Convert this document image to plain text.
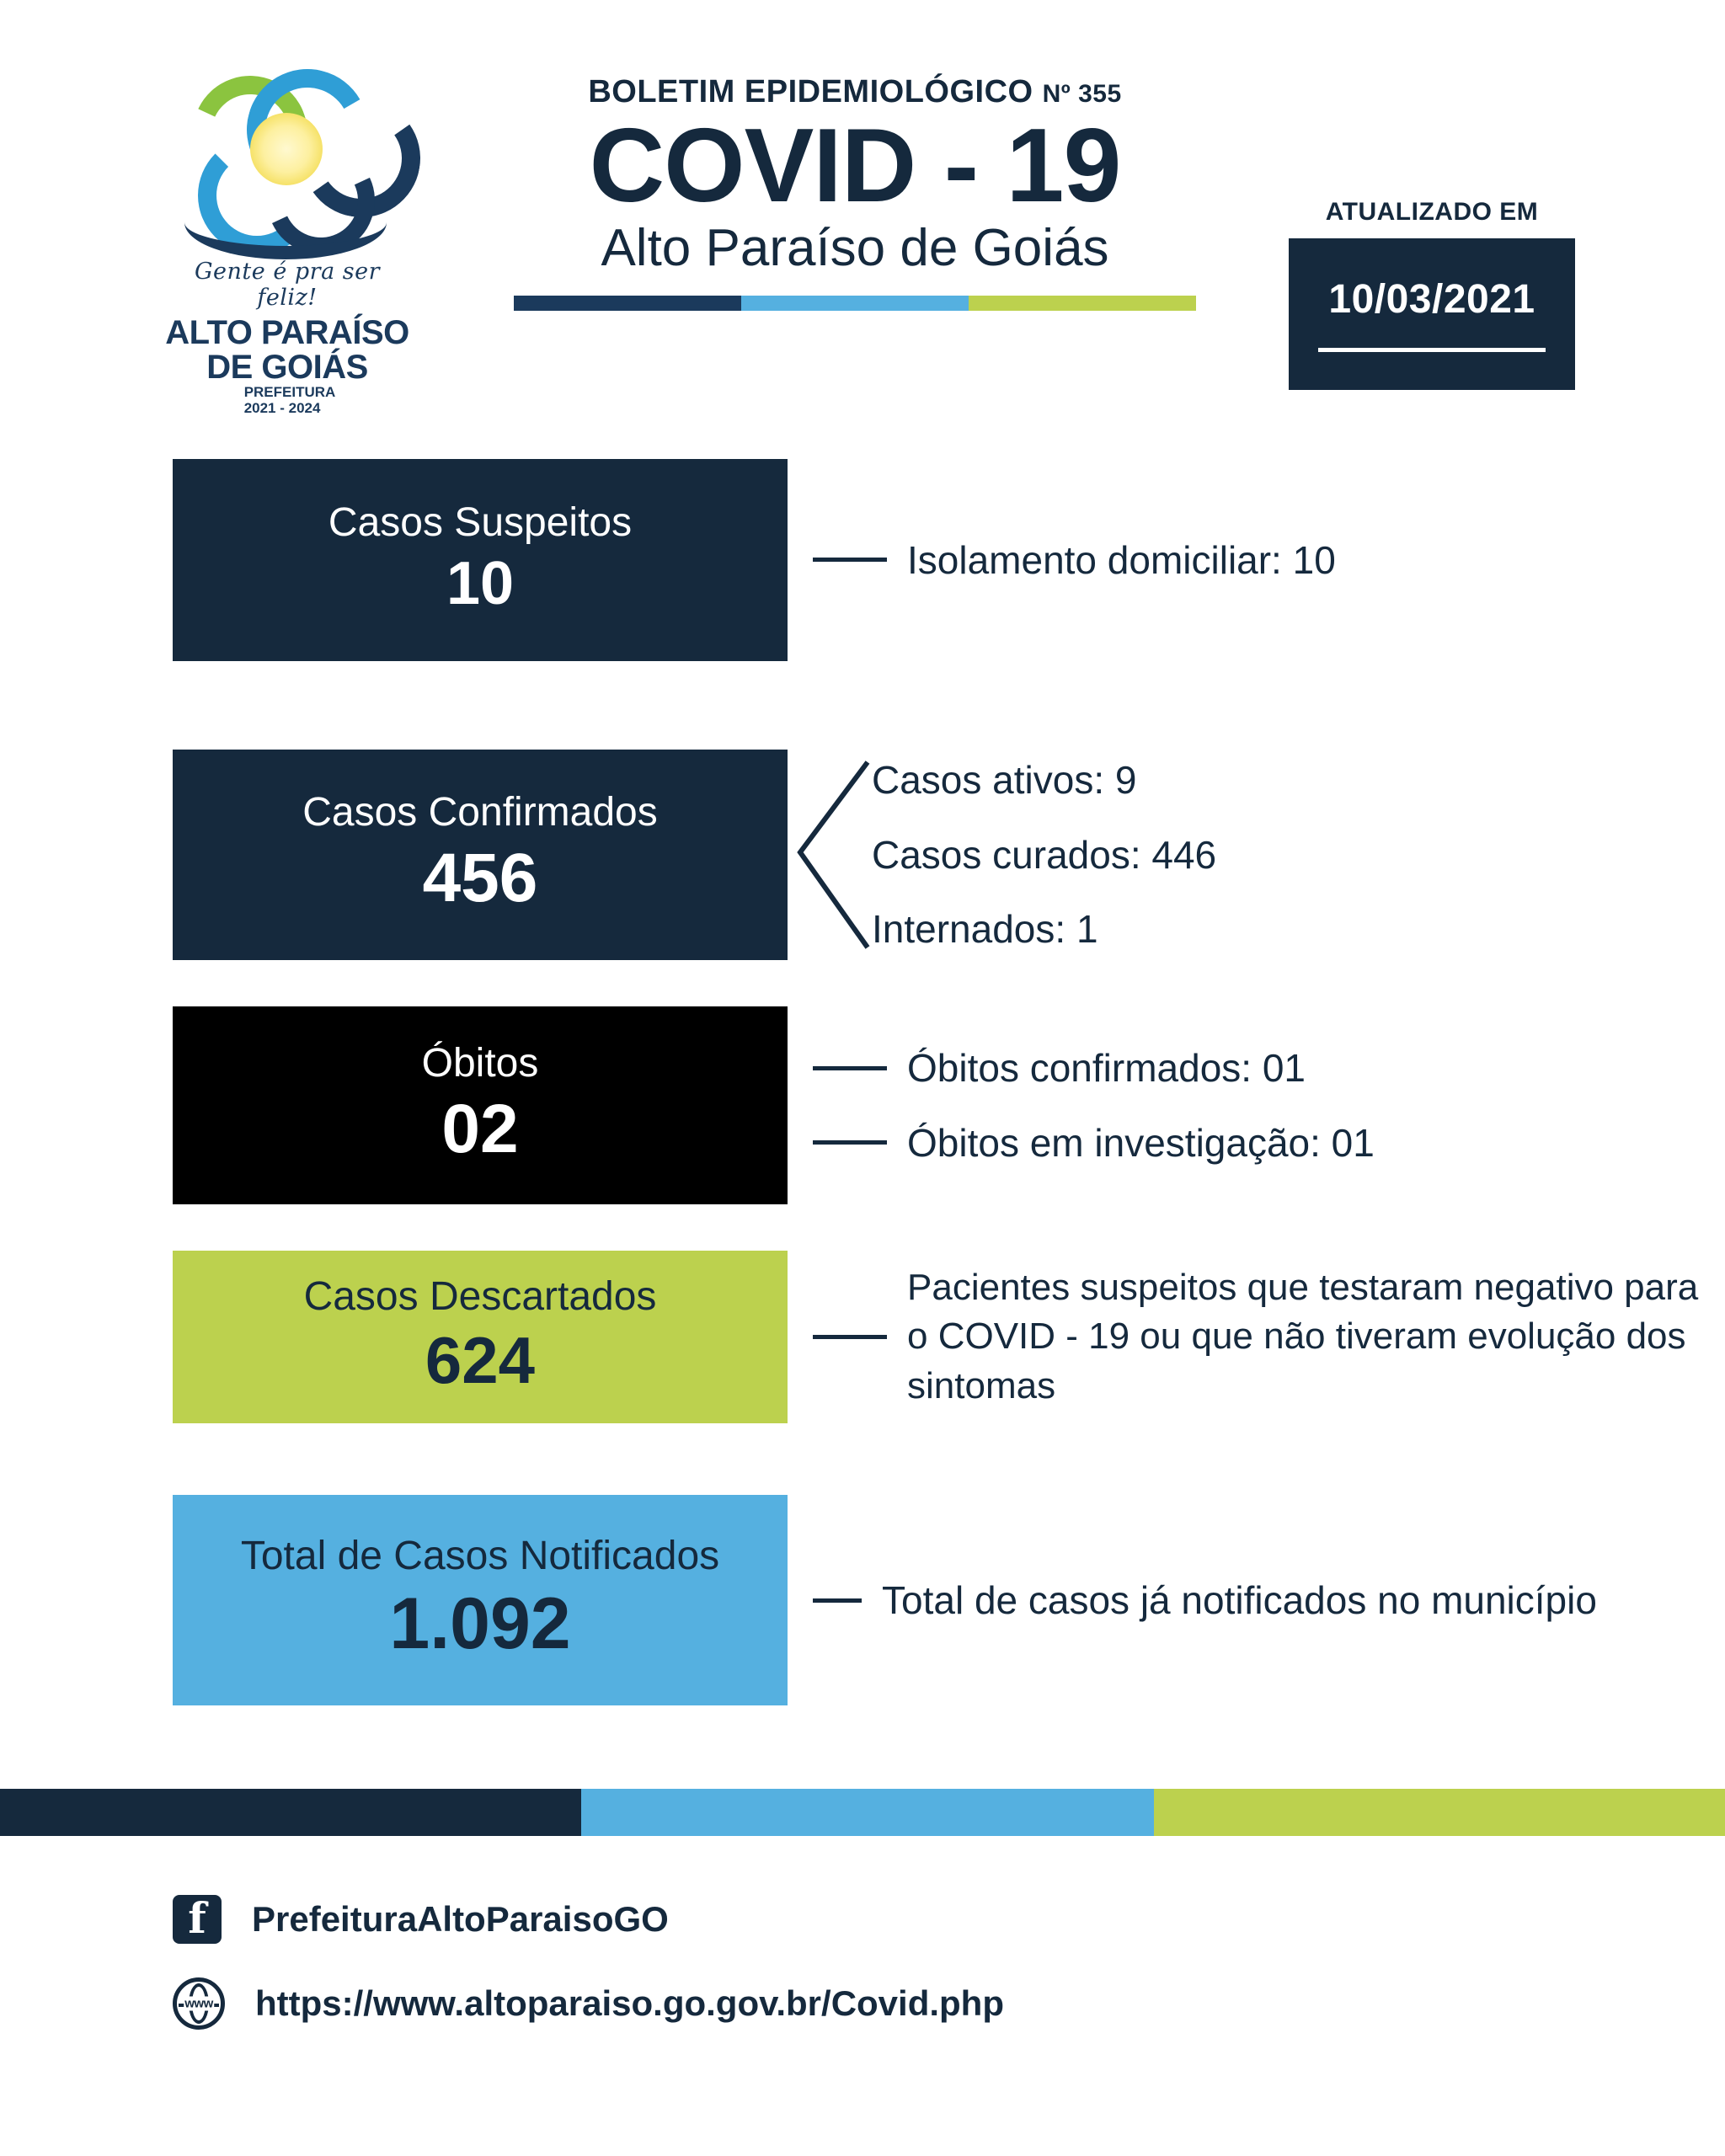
Gente é pra ser feliz!
ALTO PARAÍSO
DE GOIÁSPREFEITURA
2021 - 2024
BOLETIM EPIDEMIOLÓGICO Nº 355
COVID - 19
Alto Paraíso de Goiás
ATUALIZADO EM
10/03/2021
Casos Suspeitos
10	Isolamento domiciliar: 10
Casos Confirmados
456
Casos ativos: 9
Casos curados: 446
Internados: 1
Óbitos
02
Óbitos confirmados: 01
Óbitos em investigação: 01
Casos Descartados
624
Pacientes suspeitos que testaram negativo para o COVID - 19 ou que não tiveram evolução dos sintomas
Total de Casos Notificados
1.092	Total de casos já notificados no município
f	PrefeituraAltoParaisoGO
www https://www.altoparaiso.go.gov.br/Covid.php
